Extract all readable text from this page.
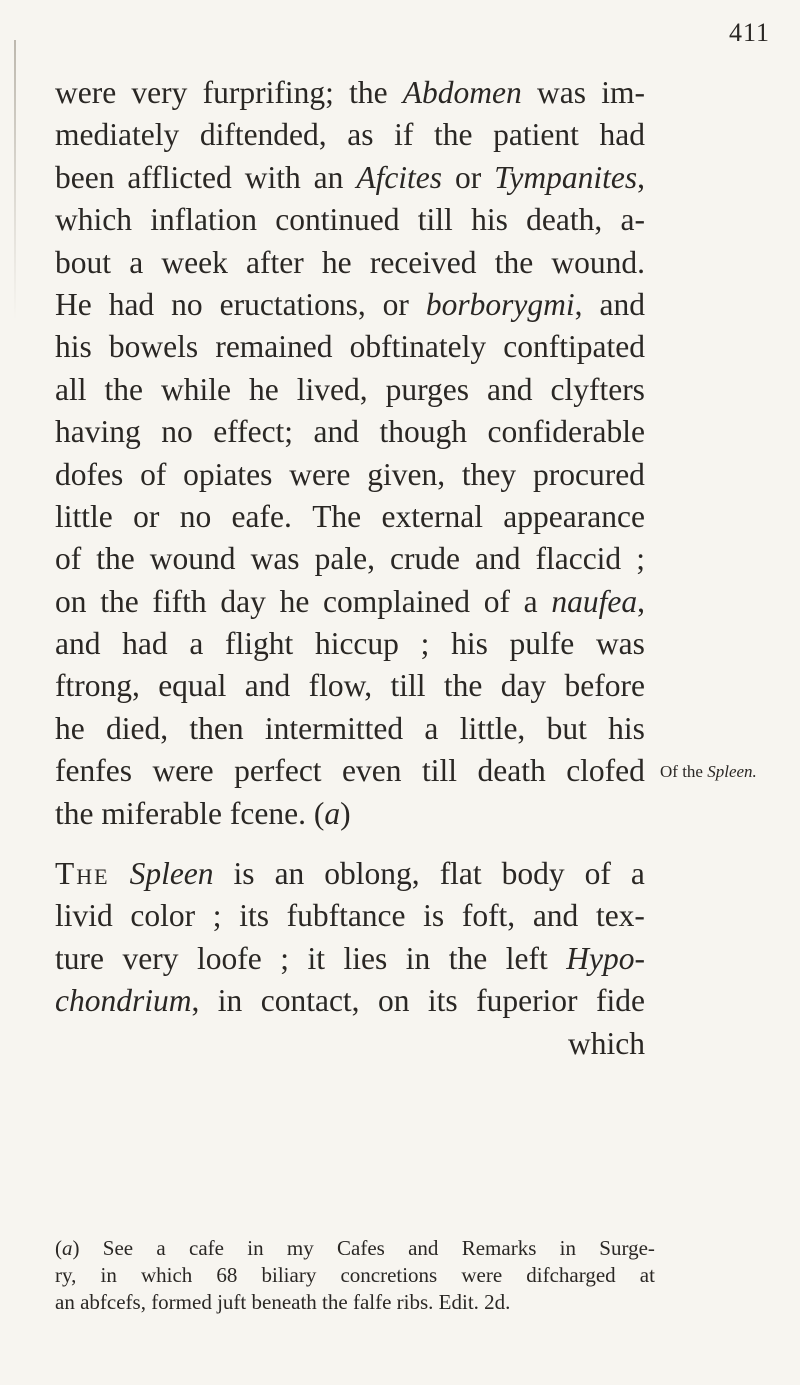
411
were very furprifing; the Abdomen was im-
mediately diftended, as if the patient had
been afflicted with an Afcites or Tympanites,
which inflation continued till his death, a-
bout a week after he received the wound.
He had no eructations, or borborygmi, and
his bowels remained obftinately conftipated
all the while he lived, purges and clyfters
having no effect; and though confiderable
dofes of opiates were given, they procured
little or no eafe. The external appearance
of the wound was pale, crude and flaccid ;
on the fifth day he complained of a naufea,
and had a flight hiccup ; his pulfe was
ftrong, equal and flow, till the day before
he died, then intermitted a little, but his
fenfes were perfect even till death clofed
the miferable fcene. (a)
The Spleen is an oblong, flat body of a
livid color ; its fubftance is foft, and tex-
ture very loofe ; it lies in the left Hypo-
chondrium, in contact, on its fuperior fide
which
Of the Spleen.
(a) See a cafe in my Cafes and Remarks in Surge-
ry, in which 68 biliary concretions were difcharged at
an abfcefs, formed juft beneath the falfe ribs. Edit. 2d.
